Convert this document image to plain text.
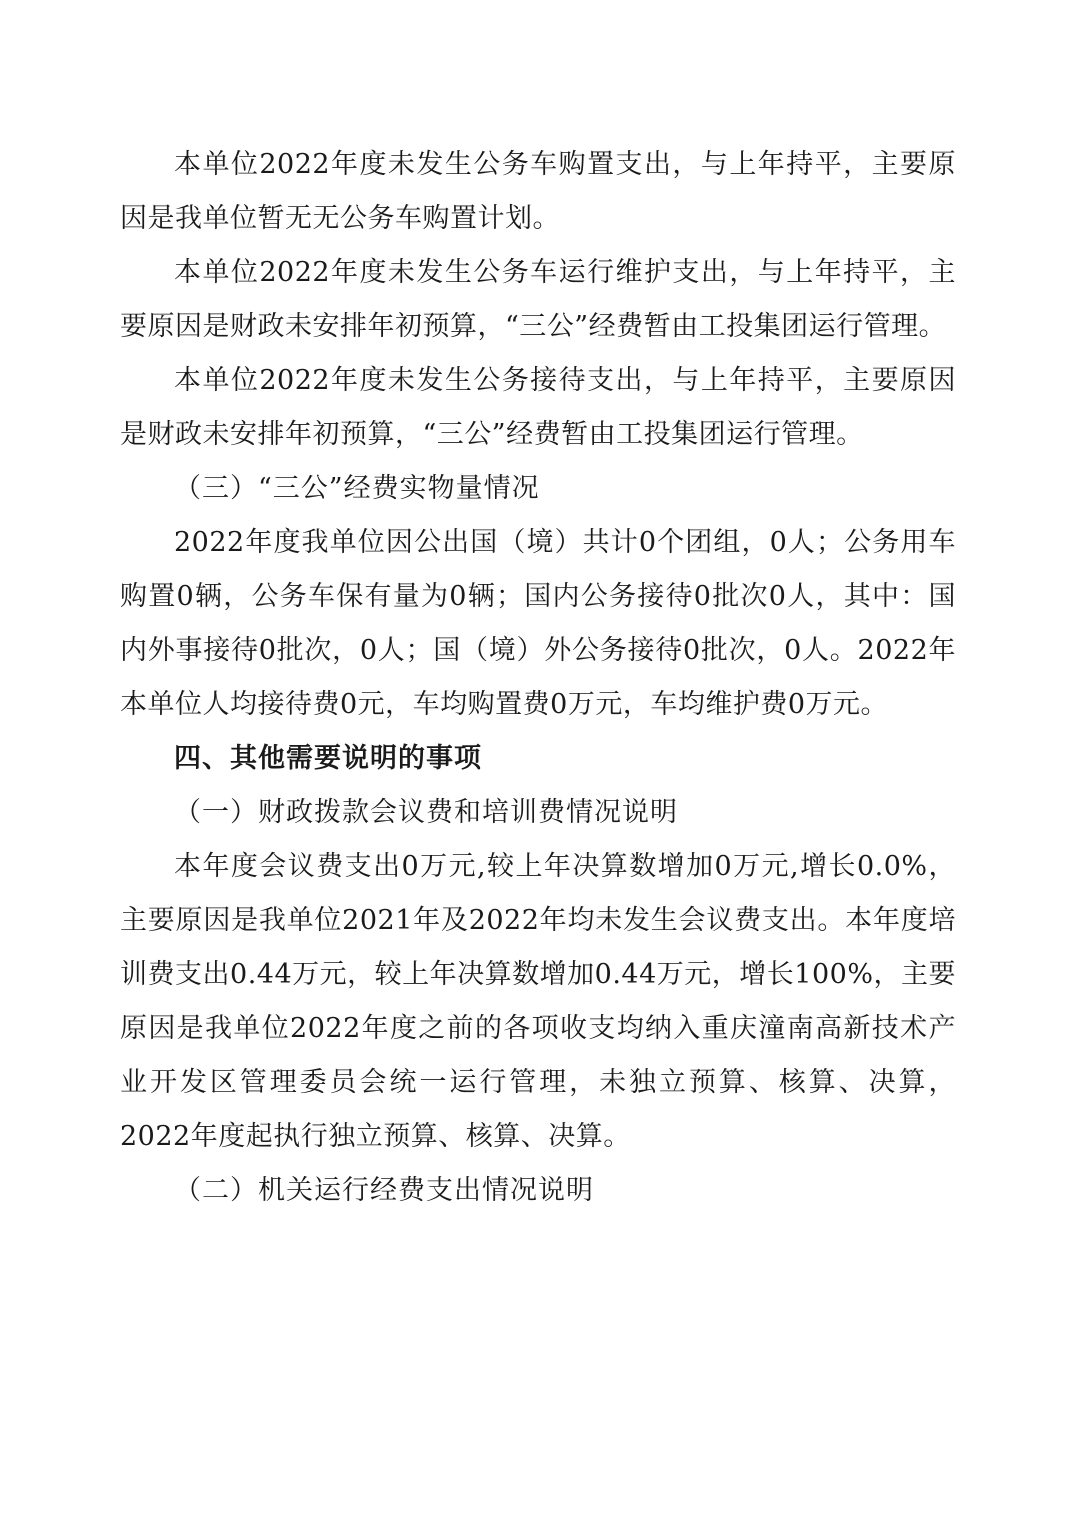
本单位2022年度未发生公务车购置支出，与上年持平，主要原因是我单位暂无无公务车购置计划。

本单位2022年度未发生公务车运行维护支出，与上年持平，主要原因是财政未安排年初预算，“三公”经费暂由工投集团运行管理。

本单位2022年度未发生公务接待支出，与上年持平，主要原因是财政未安排年初预算，“三公”经费暂由工投集团运行管理。

（三）“三公”经费实物量情况

2022年度我单位因公出国（境）共计0个团组，0人；公务用车购置0辆，公务车保有量为0辆；国内公务接待0批次0人，其中：国内外事接待0批次，0人；国（境）外公务接待0批次，0人。2022年本单位人均接待费0元，车均购置费0万元，车均维护费0万元。

四、其他需要说明的事项

（一）财政拨款会议费和培训费情况说明

本年度会议费支出0万元,较上年决算数增加0万元,增长0.0%，主要原因是我单位2021年及2022年均未发生会议费支出。本年度培训费支出0.44万元，较上年决算数增加0.44万元，增长100%，主要原因是我单位2022年度之前的各项收支均纳入重庆潼南高新技术产业开发区管理委员会统一运行管理，未独立预算、核算、决算，2022年度起执行独立预算、核算、决算。

（二）机关运行经费支出情况说明
